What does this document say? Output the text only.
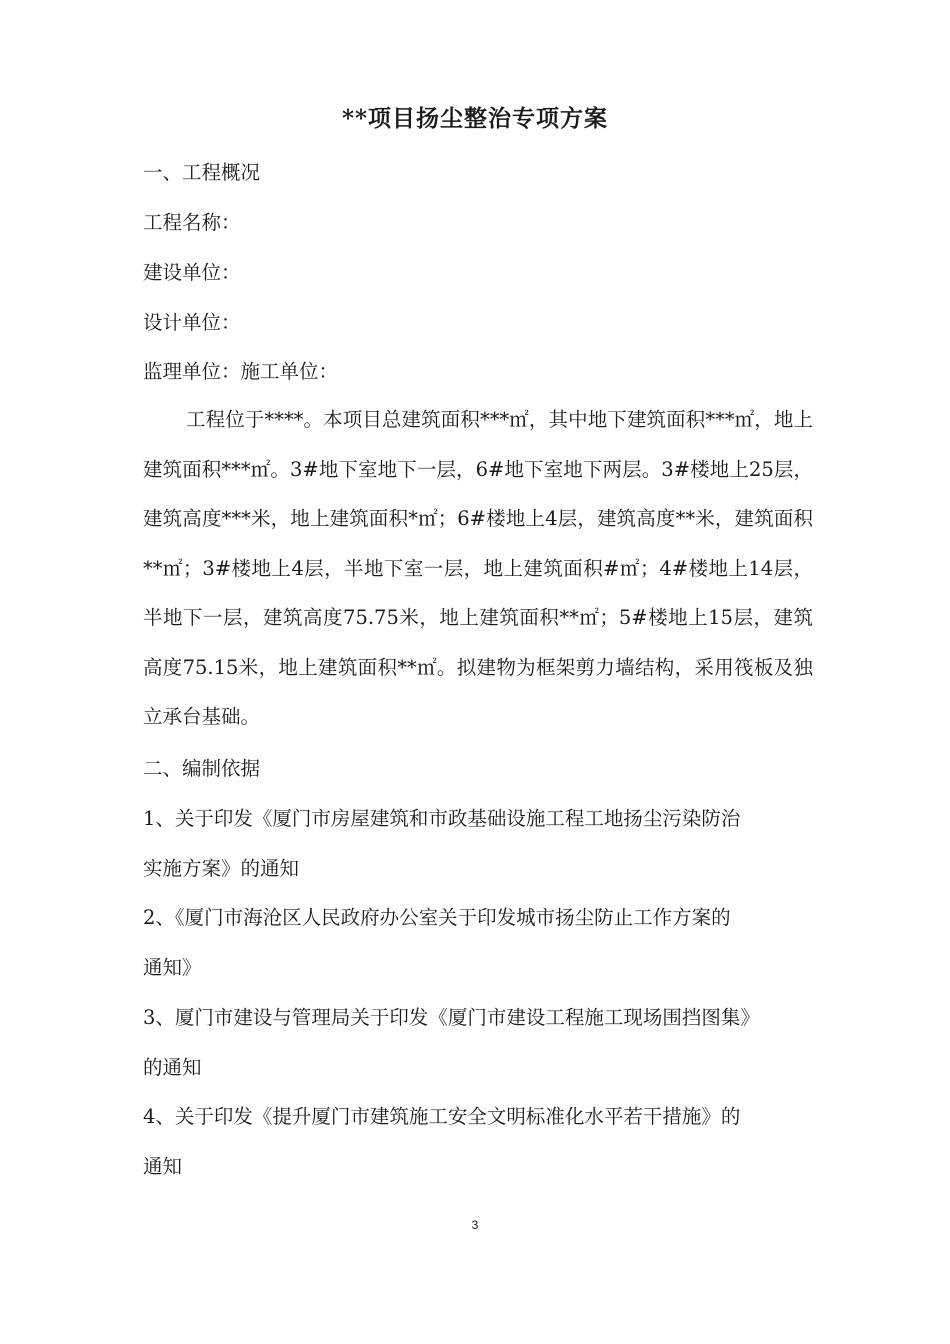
**项目扬尘整治专项方案
一、工程概况
工程名称：
建设单位：
设计单位：
监理单位：施工单位：
工程位于****。本项目总建筑面积***㎡，其中地下建筑面积***㎡，地上建筑面积***㎡。3#地下室地下一层，6#地下室地下两层。3#楼地上25层，建筑高度***米，地上建筑面积*㎡；6#楼地上4层，建筑高度**米，建筑面积**㎡；3#楼地上4层，半地下室一层，地上建筑面积#㎡；4#楼地上14层，半地下一层，建筑高度75.75米，地上建筑面积**㎡；5#楼地上15层，建筑高度75.15米，地上建筑面积**㎡。拟建物为框架剪力墙结构，采用筏板及独立承台基础。
二、编制依据
1、关于印发《厦门市房屋建筑和市政基础设施工程工地扬尘污染防治
实施方案》的通知
2、《厦门市海沧区人民政府办公室关于印发城市扬尘防止工作方案的
通知》
3、厦门市建设与管理局关于印发《厦门市建设工程施工现场围挡图集》
的通知
4、关于印发《提升厦门市建筑施工安全文明标准化水平若干措施》的
通知
3
